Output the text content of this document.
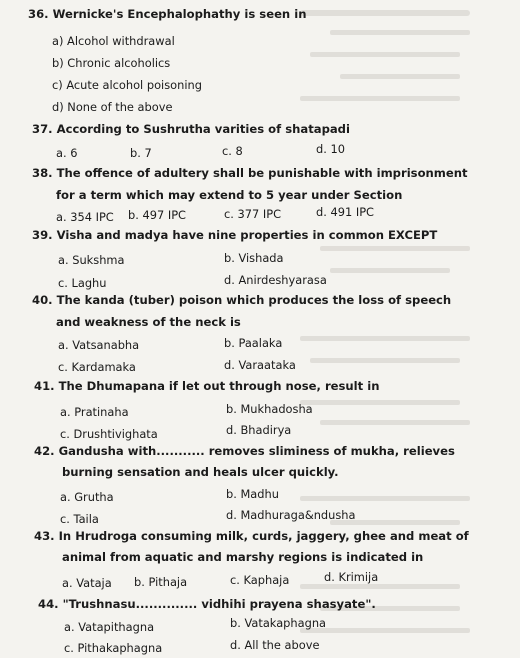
36. Wernicke's Encephalophathy is seen in
a) Alcohol withdrawal
b) Chronic alcoholics
c) Acute alcohol poisoning
d) None of the above
37. According to Sushrutha varities of shatapadi
a. 6	b. 7	c. 8	d. 10
38. The offence of adultery shall be punishable with imprisonment
for a term which may extend to 5 year under Section
a. 354 IPC b. 497 IPC	c. 377 IPC	d. 491 IPC
39. Visha and madya have nine properties in common EXCEPT
a. Sukshma	b. Vishada
c. Laghu	d. Anirdeshyarasa
40. The kanda (tuber) poison which produces the loss of speech
and weakness of the neck is
a. Vatsanabha	b. Paalaka
c. Kardamaka	d. Varaataka
41. The Dhumapana if let out through nose, result in
a. Pratinaha	b. Mukhadosha
c. Drushtivighata	d. Bhadirya
42. Gandusha with........... removes sliminess of mukha, relieves
burning sensation and heals ulcer quickly.
a. Grutha	b. Madhu
c. Taila	d. Madhuraga&ndusha
43. In Hrudroga consuming milk, curds, jaggery, ghee and meat of
animal from aquatic and marshy regions is indicated in
a. Vataja b. Pithaja	c. Kaphaja	d. Krimija
44. "Trushnasu.............. vidhihi prayena shasyate".
a. Vatapithagna	b. Vatakaphagna
c. Pithakaphagna	d. All the above
